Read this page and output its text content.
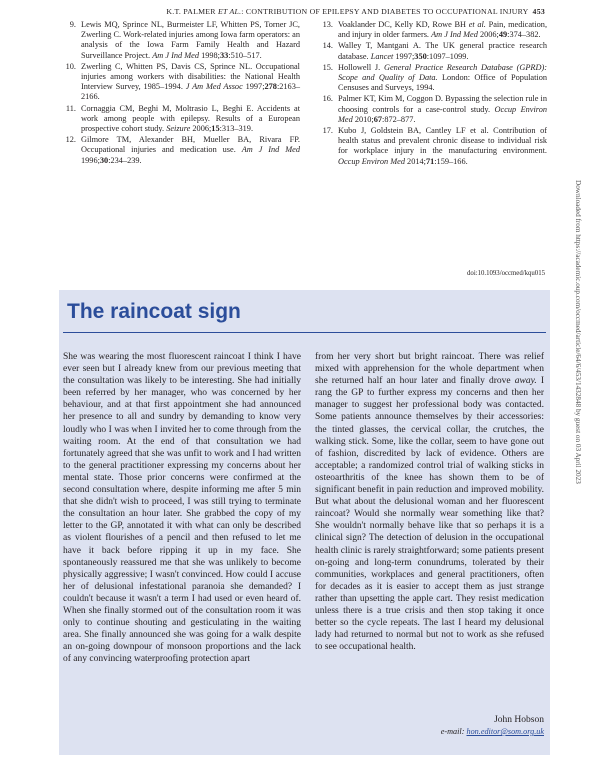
K.T. PALMER ET AL.: CONTRIBUTION OF EPILEPSY AND DIABETES TO OCCUPATIONAL INJURY 453
9. Lewis MQ, Sprince NL, Burmeister LF, Whitten PS, Torner JC, Zwerling C. Work-related injuries among Iowa farm operators: an analysis of the Iowa Farm Family Health and Hazard Surveillance Project. Am J Ind Med 1998;33:510–517.
10. Zwerling C, Whitten PS, Davis CS, Sprince NL. Occupational injuries among workers with disabilities: the National Health Interview Survey, 1985–1994. J Am Med Assoc 1997;278:2163–2166.
11. Cornaggia CM, Beghi M, Moltrasio L, Beghi E. Accidents at work among people with epilepsy. Results of a European prospective cohort study. Seizure 2006;15:313–319.
12. Gilmore TM, Alexander BH, Mueller BA, Rivara FP. Occupational injuries and medication use. Am J Ind Med 1996;30:234–239.
13. Voaklander DC, Kelly KD, Rowe BH et al. Pain, medication, and injury in older farmers. Am J Ind Med 2006;49:374–382.
14. Walley T, Mantgani A. The UK general practice research database. Lancet 1997;350:1097–1099.
15. Hollowell J. General Practice Research Database (GPRD): Scope and Quality of Data. London: Office of Population Censuses and Surveys, 1994.
16. Palmer KT, Kim M, Coggon D. Bypassing the selection rule in choosing controls for a case-control study. Occup Environ Med 2010;67:872–877.
17. Kubo J, Goldstein BA, Cantley LF et al. Contribution of health status and prevalent chronic disease to individual risk for workplace injury in the manufacturing environment. Occup Environ Med 2014;71:159–166.
doi:10.1093/occmed/kqu015	Downloaded from https://academic.oup.com/occmed/article/64/6/453/1432848 by guest on 03 April 2023
The raincoat sign
She was wearing the most fluorescent raincoat I think I have ever seen but I already knew from our previous meeting that the consultation was likely to be interesting. She had initially been referred by her manager, who was concerned by her behaviour, and at that first appointment she had announced her presence to all and sundry by demanding to know very loudly who I was when I invited her to come through from the waiting room. At the end of that consultation we had fortunately agreed that she was unfit to work and I had written to the general practitioner expressing my concerns about her mental state. Those prior concerns were confirmed at the second consultation where, despite informing me after 5 min that she didn't wish to proceed, I was still trying to terminate the consultation an hour later. She grabbed the copy of my letter to the GP, annotated it with what can only be described as violent flourishes of a pencil and then refused to let me have it back before ripping it up in my face. She spontaneously reassured me that she was unlikely to become physically aggressive; I wasn't convinced. How could I accuse her of delusional infestational paranoia she demanded? I couldn't because it wasn't a term I had used or even heard of. When she finally stormed out of the consultation room it was only to continue shouting and gesticulating in the waiting area. She finally announced she was going for a walk despite an on-going downpour of monsoon proportions and the lack of any convincing waterproofing protection apart
from her very short but bright raincoat. There was relief mixed with apprehension for the whole department when she returned half an hour later and finally drove away. I rang the GP to further express my concerns and then her manager to suggest her professional body was contacted. Some patients announce themselves by their accessories: the tinted glasses, the cervical collar, the crutches, the walking stick. Some, like the collar, seem to have gone out of fashion, discredited by lack of evidence. Others are acceptable; a randomized control trial of walking sticks in osteoarthritis of the knee has shown them to be of significant benefit in pain reduction and improved mobility. But what about the delusional woman and her fluorescent raincoat? Would she normally wear something like that? She wouldn't normally behave like that so perhaps it is a clinical sign? The detection of delusion in the occupational health clinic is rarely straightforward; some patients present on-going and long-term conundrums, tolerated by their communities, workplaces and general practitioners, often for decades as it is easier to accept them as just strange rather than upsetting the apple cart. They resist medication unless there is a true crisis and then stop taking it once better so the cycle repeats. The last I heard my delusional lady had returned to normal but not to work as she refused to see occupational health.
John Hobson
e-mail: hon.editor@som.org.uk
